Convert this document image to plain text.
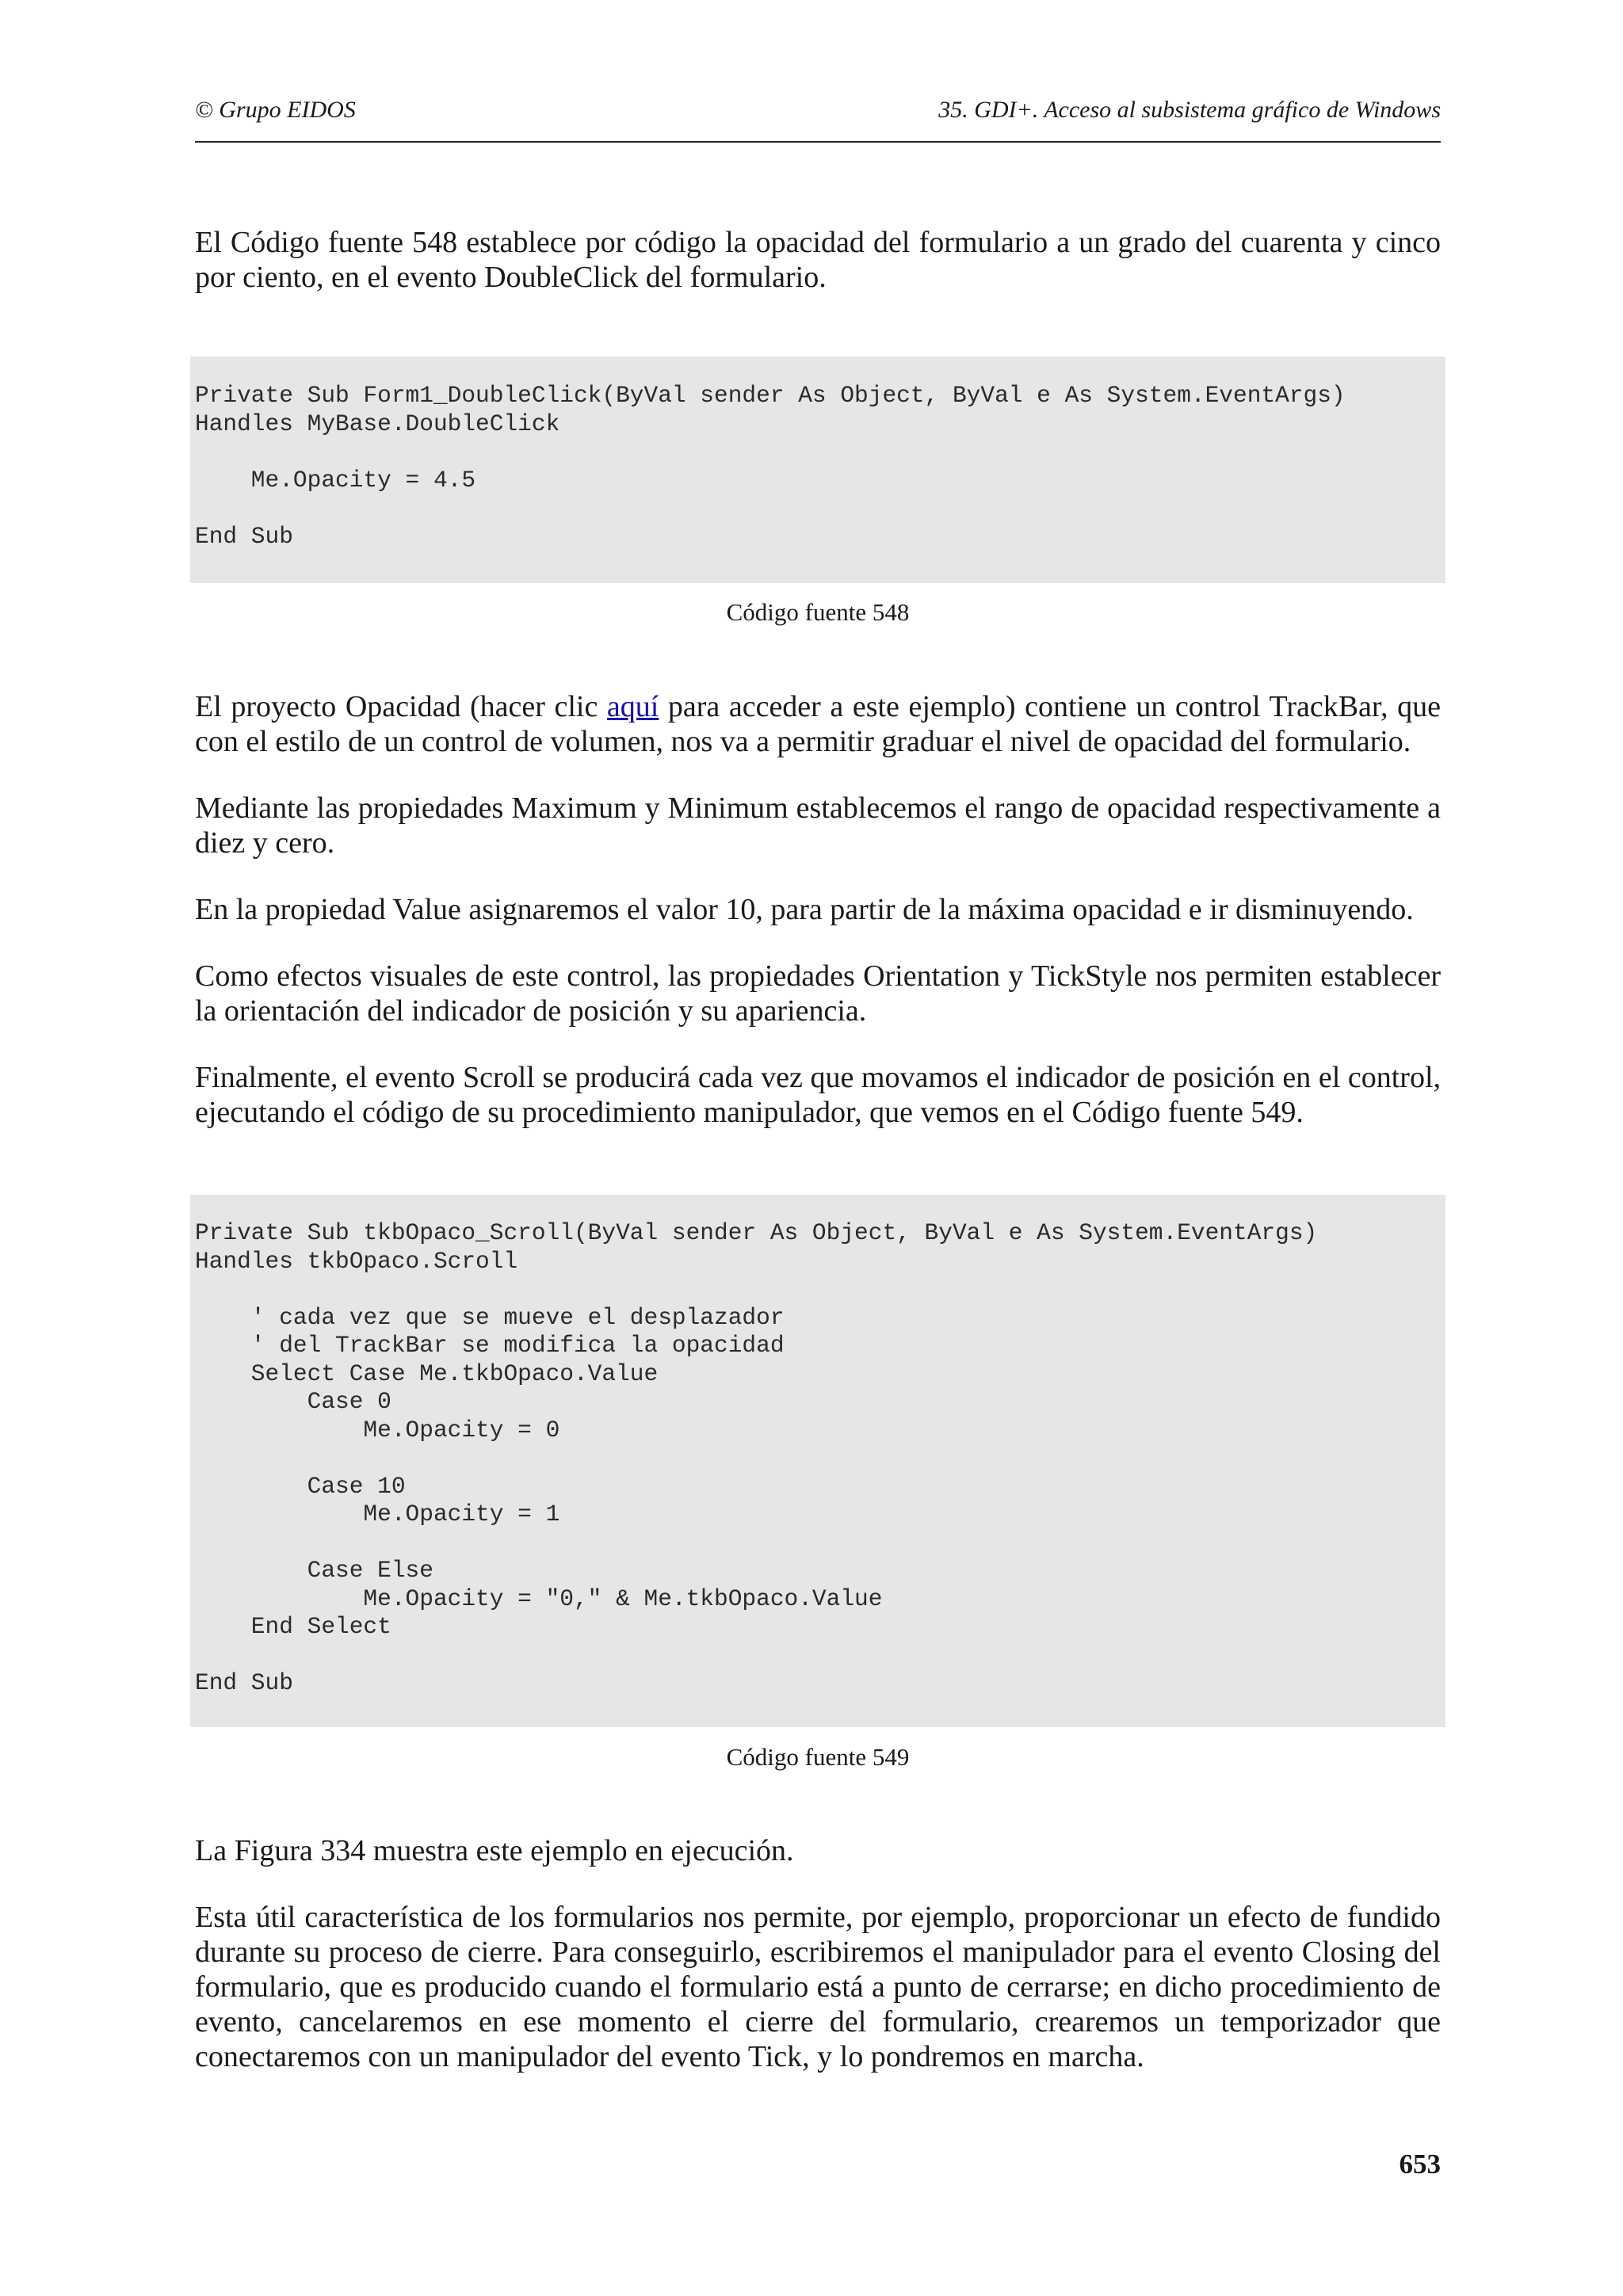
© Grupo EIDOS	35. GDI+. Acceso al subsistema gráfico de Windows

El Código fuente 548 establece por código la opacidad del formulario a un grado del cuarenta y cinco por ciento, en el evento DoubleClick del formulario.

Private Sub Form1_DoubleClick(ByVal sender As Object, ByVal e As System.EventArgs)
Handles MyBase.DoubleClick

Me.Opacity = 4.5

End Sub
Código fuente 548

El proyecto Opacidad (hacer clic aquí para acceder a este ejemplo) contiene un control TrackBar, que con el estilo de un control de volumen, nos va a permitir graduar el nivel de opacidad del formulario.

Mediante las propiedades Maximum y Minimum establecemos el rango de opacidad respectivamente a diez y cero.

En la propiedad Value asignaremos el valor 10, para partir de la máxima opacidad e ir disminuyendo.

Como efectos visuales de este control, las propiedades Orientation y TickStyle nos permiten establecer la orientación del indicador de posición y su apariencia.

Finalmente, el evento Scroll se producirá cada vez que movamos el indicador de posición en el control, ejecutando el código de su procedimiento manipulador, que vemos en el Código fuente 549.

Private Sub tkbOpaco_Scroll(ByVal sender As Object, ByVal e As System.EventArgs)
Handles tkbOpaco.Scroll

' cada vez que se mueve el desplazador
' del TrackBar se modifica la opacidad
Select Case Me.tkbOpaco.Value
Case 0
Me.Opacity = 0

Case 10
Me.Opacity = 1

Case Else
Me.Opacity = "0," & Me.tkbOpaco.Value
End Select

End Sub
Código fuente 549

La Figura 334 muestra este ejemplo en ejecución.

Esta útil característica de los formularios nos permite, por ejemplo, proporcionar un efecto de fundido durante su proceso de cierre. Para conseguirlo, escribiremos el manipulador para el evento Closing del formulario, que es producido cuando el formulario está a punto de cerrarse; en dicho procedimiento de evento, cancelaremos en ese momento el cierre del formulario, crearemos un temporizador que conectaremos con un manipulador del evento Tick, y lo pondremos en marcha.

653
